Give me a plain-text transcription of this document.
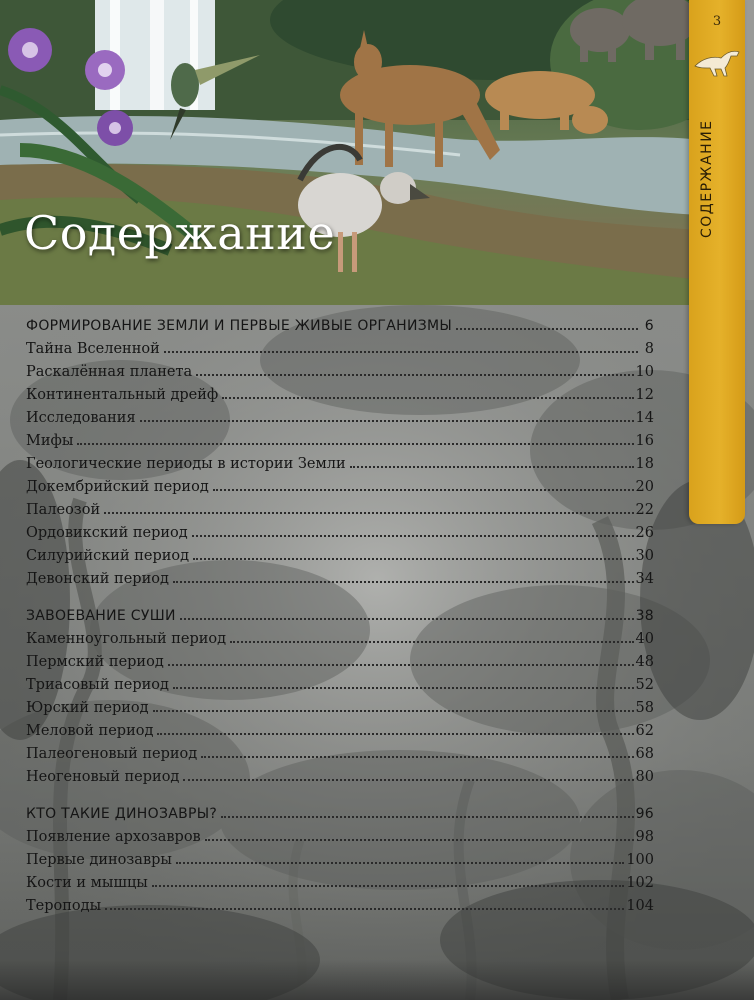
Содержание
3
СОДЕРЖАНИЕ
ФОРМИРОВАНИЕ ЗЕМЛИ И ПЕРВЫЕ ЖИВЫЕ ОРГАНИЗМЫ	6
Тайна Вселенной	8
Раскалённая планета	10
Континентальный дрейф	12
Исследования	14
Мифы	16
Геологические периоды в истории Земли	18
Докембрийский период	20
Палеозой	22
Ордовикский период	26
Силурийский период	30
Девонский период	34
ЗАВОЕВАНИЕ СУШИ	38
Каменноугольный период	40
Пермский период	48
Триасовый период	52
Юрский период	58
Меловой период	62
Палеогеновый период	68
Неогеновый период	80
КТО ТАКИЕ ДИНОЗАВРЫ?	96
Появление архозавров	98
Первые динозавры	100
Кости и мышцы	102
Тероподы	104
